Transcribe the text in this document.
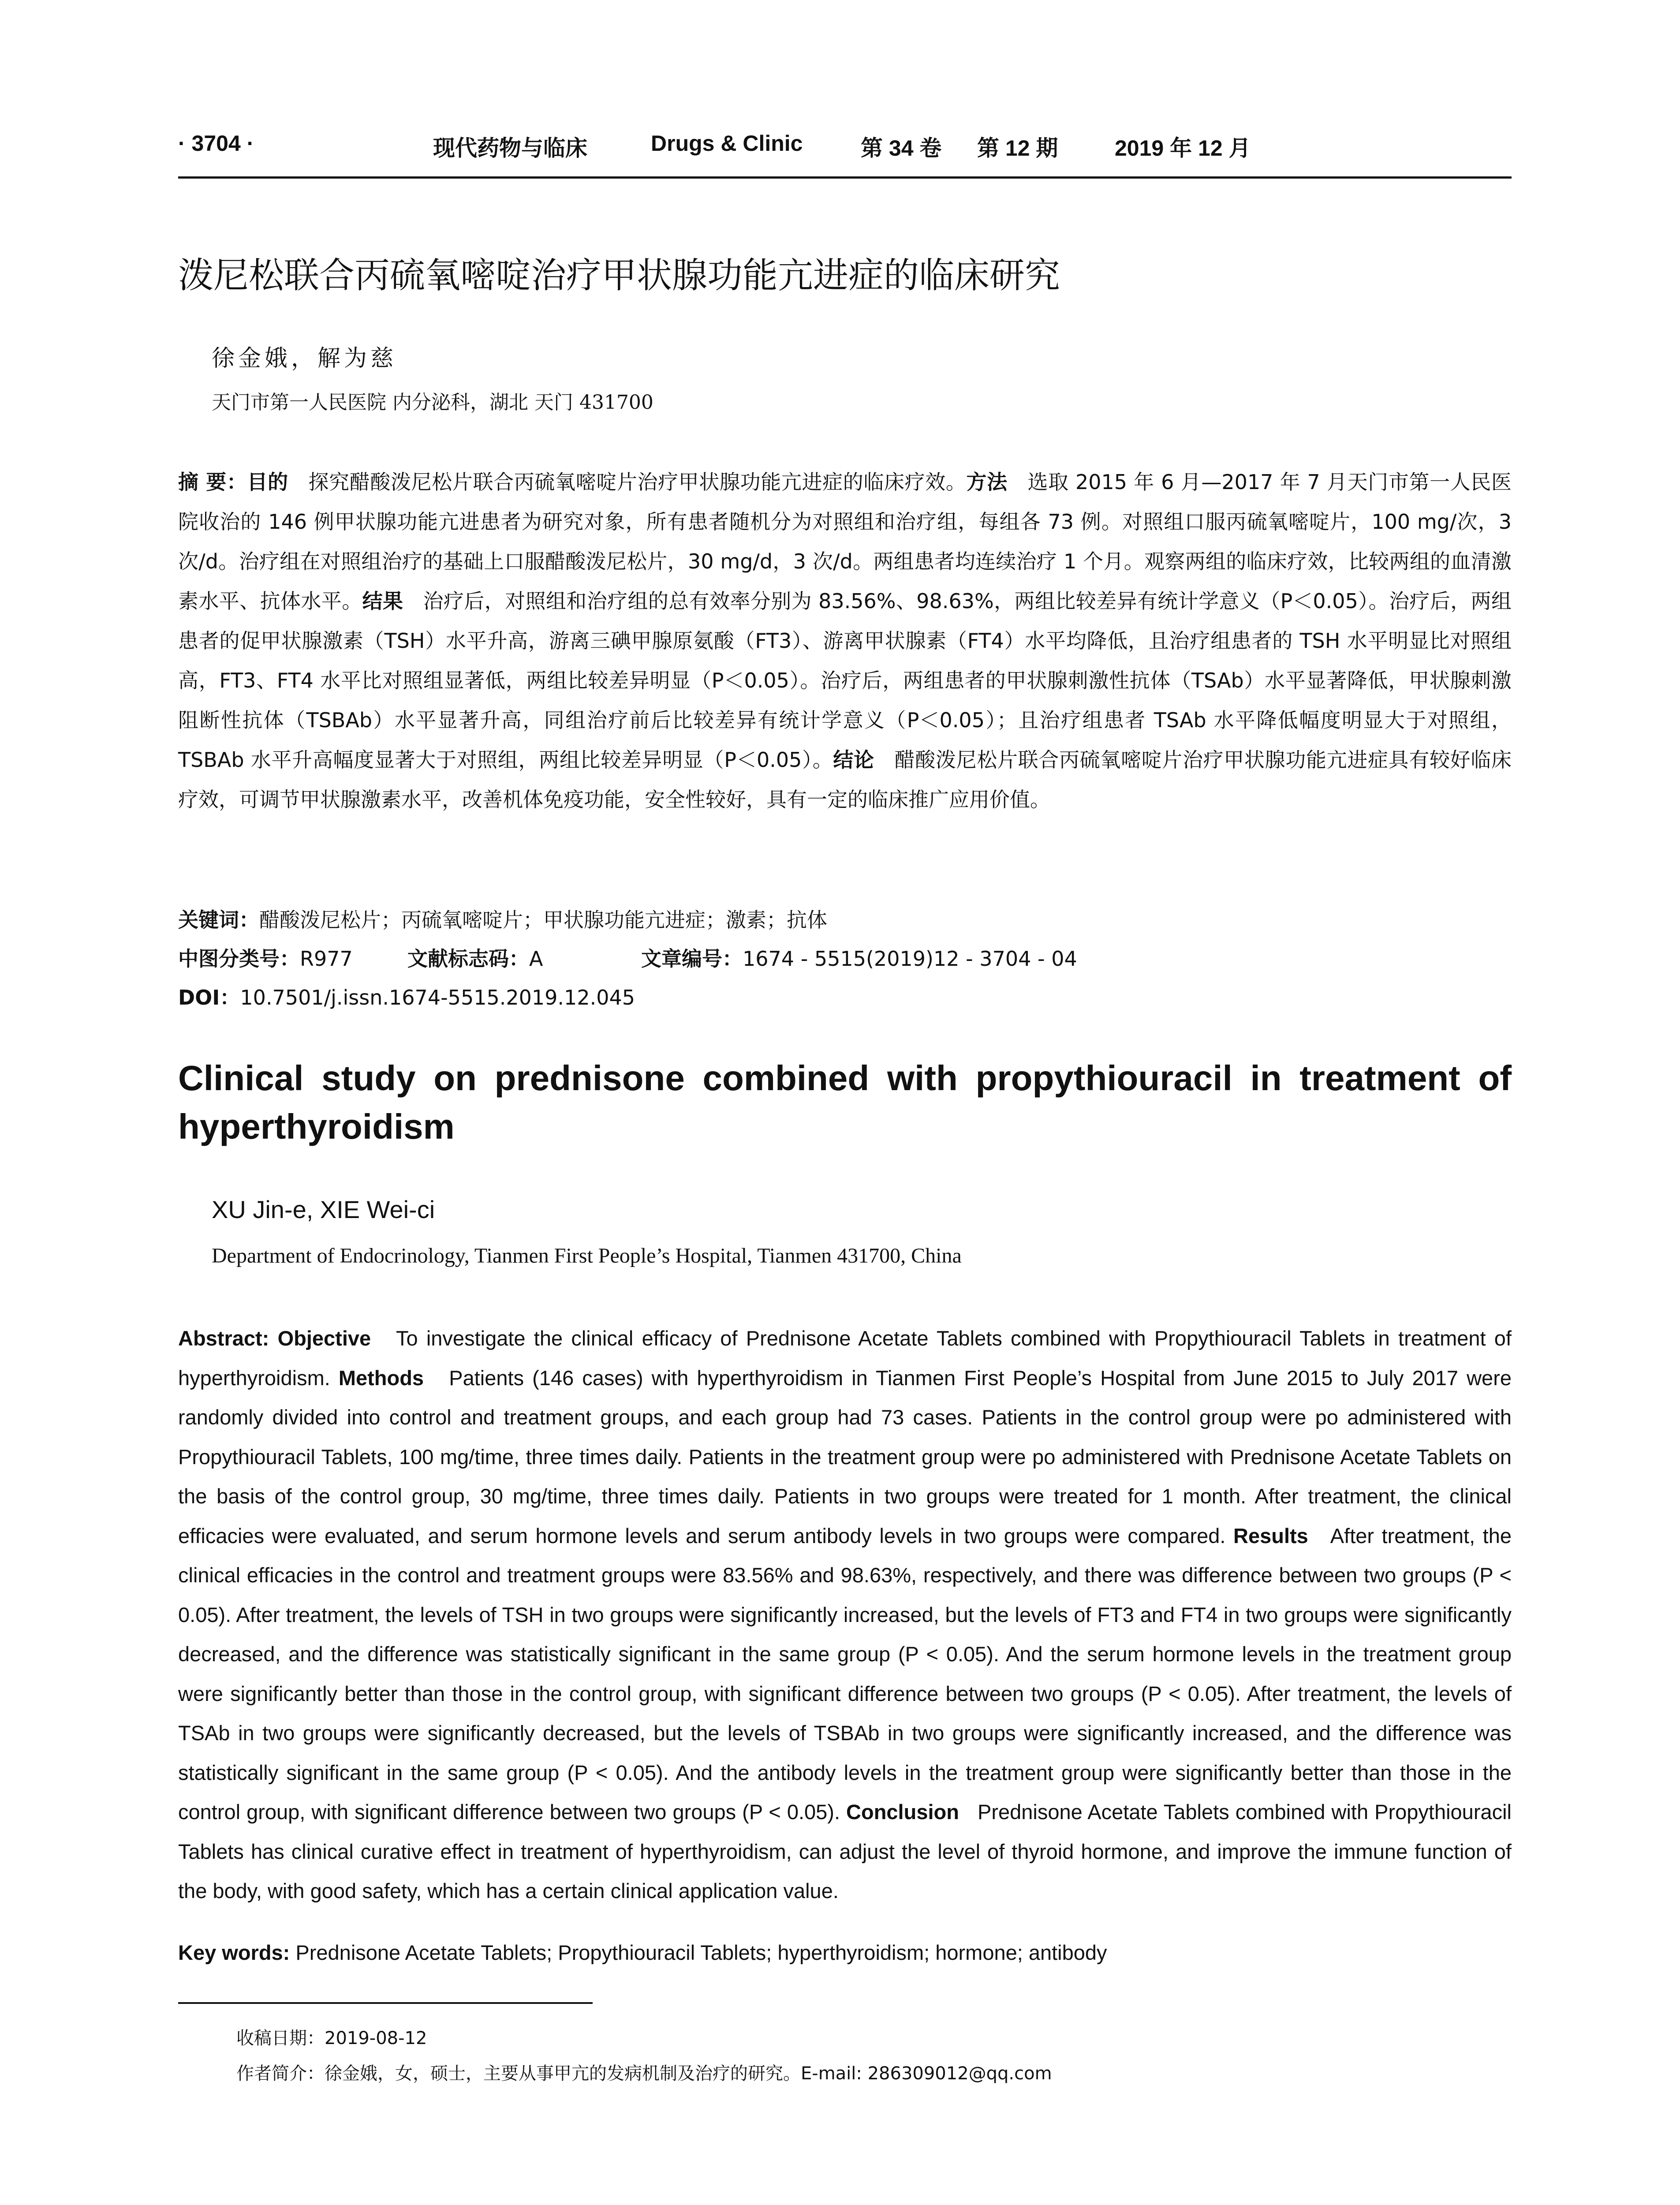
· 3704 ·	现代药物与临床	Drugs & Clinic	第 34 卷 第 12 期	2019 年 12 月
泼尼松联合丙硫氧嘧啶治疗甲状腺功能亢进症的临床研究
徐金娥，解为慈
天门市第一人民医院 内分泌科，湖北 天门 431700

摘 要：目的 探究醋酸泼尼松片联合丙硫氧嘧啶片治疗甲状腺功能亢进症的临床疗效。方法 选取 2015 年 6 月—2017 年 7 月天门市第一人民医院收治的 146 例甲状腺功能亢进患者为研究对象，所有患者随机分为对照组和治疗组，每组各 73 例。对照组口服丙硫氧嘧啶片，100 mg/次，3 次/d。治疗组在对照组治疗的基础上口服醋酸泼尼松片，30 mg/d，3 次/d。两组患者均连续治疗 1 个月。观察两组的临床疗效，比较两组的血清激素水平、抗体水平。结果 治疗后，对照组和治疗组的总有效率分别为 83.56%、98.63%，两组比较差异有统计学意义（P＜0.05）。治疗后，两组患者的促甲状腺激素（TSH）水平升高，游离三碘甲腺原氨酸（FT3）、游离甲状腺素（FT4）水平均降低，且治疗组患者的 TSH 水平明显比对照组高，FT3、FT4 水平比对照组显著低，两组比较差异明显（P＜0.05）。治疗后，两组患者的甲状腺刺激性抗体（TSAb）水平显著降低，甲状腺刺激阻断性抗体（TSBAb）水平显著升高，同组治疗前后比较差异有统计学意义（P＜0.05）；且治疗组患者 TSAb 水平降低幅度明显大于对照组，TSBAb 水平升高幅度显著大于对照组，两组比较差异明显（P＜0.05）。结论 醋酸泼尼松片联合丙硫氧嘧啶片治疗甲状腺功能亢进症具有较好临床疗效，可调节甲状腺激素水平，改善机体免疫功能，安全性较好，具有一定的临床推广应用价值。

关键词：醋酸泼尼松片；丙硫氧嘧啶片；甲状腺功能亢进症；激素；抗体
中图分类号：R977	文献标志码：A	文章编号：1674 - 5515(2019)12 - 3704 - 04
DOI：10.7501/j.issn.1674-5515.2019.12.045
Clinical study on prednisone combined with propythiouracil in treatment of hyperthyroidism
XU Jin-e, XIE Wei-ci
Department of Endocrinology, Tianmen First People’s Hospital, Tianmen 431700, China

Abstract: Objective To investigate the clinical efficacy of Prednisone Acetate Tablets combined with Propythiouracil Tablets in treatment of hyperthyroidism. Methods Patients (146 cases) with hyperthyroidism in Tianmen First People’s Hospital from June 2015 to July 2017 were randomly divided into control and treatment groups, and each group had 73 cases. Patients in the control group were po administered with Propythiouracil Tablets, 100 mg/time, three times daily. Patients in the treatment group were po administered with Prednisone Acetate Tablets on the basis of the control group, 30 mg/time, three times daily. Patients in two groups were treated for 1 month. After treatment, the clinical efficacies were evaluated, and serum hormone levels and serum antibody levels in two groups were compared. Results After treatment, the clinical efficacies in the control and treatment groups were 83.56% and 98.63%, respectively, and there was difference between two groups (P < 0.05). After treatment, the levels of TSH in two groups were significantly increased, but the levels of FT3 and FT4 in two groups were significantly decreased, and the difference was statistically significant in the same group (P < 0.05). And the serum hormone levels in the treatment group were significantly better than those in the control group, with significant difference between two groups (P < 0.05). After treatment, the levels of TSAb in two groups were significantly decreased, but the levels of TSBAb in two groups were significantly increased, and the difference was statistically significant in the same group (P < 0.05). And the antibody levels in the treatment group were significantly better than those in the control group, with significant difference between two groups (P < 0.05). Conclusion Prednisone Acetate Tablets combined with Propythiouracil Tablets has clinical curative effect in treatment of hyperthyroidism, can adjust the level of thyroid hormone, and improve the immune function of the body, with good safety, which has a certain clinical application value.

Key words: Prednisone Acetate Tablets; Propythiouracil Tablets; hyperthyroidism; hormone; antibody
收稿日期：2019-08-12
作者简介：徐金娥，女，硕士，主要从事甲亢的发病机制及治疗的研究。E-mail: 286309012@qq.com
